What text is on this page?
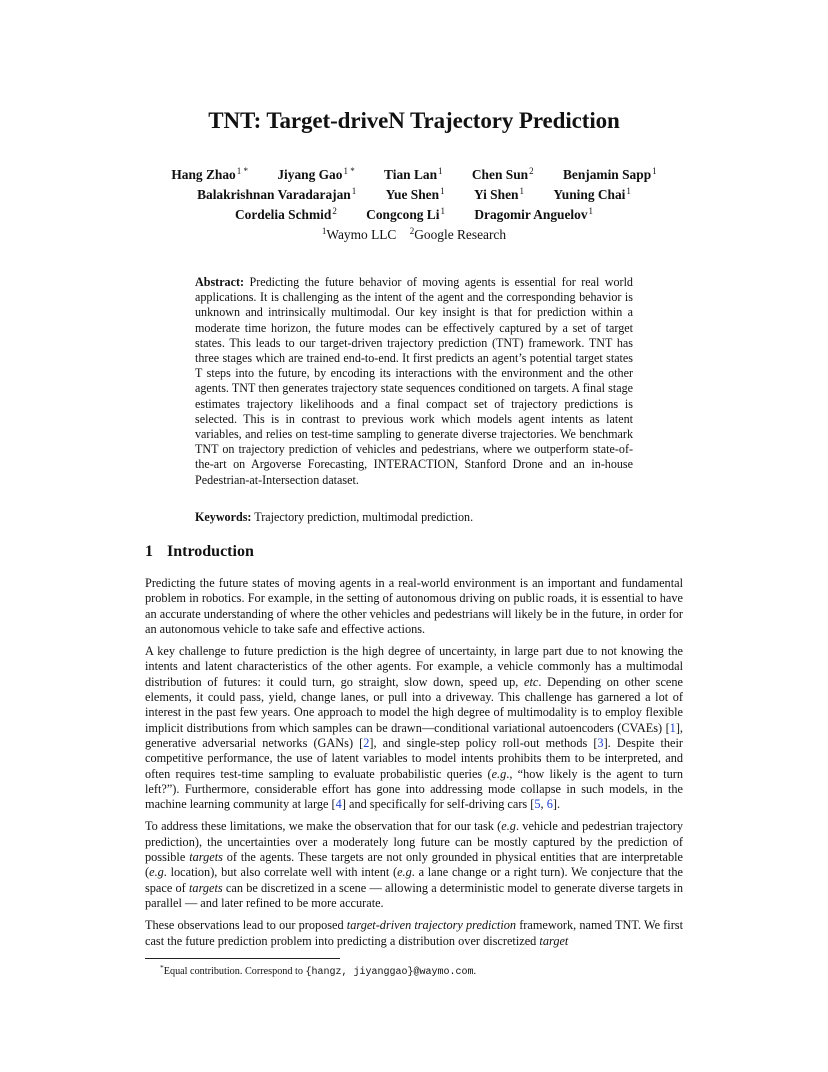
TNT: Target-driveN Trajectory Prediction
Hang Zhao$^{1 *}$ Jiyang Gao$^{1 *}$ Tian Lan$^1$ Chen Sun$^2$ Benjamin Sapp$^1$
Balakrishnan Varadarajan$^1$ Yue Shen$^1$ Yi Shen$^1$ Yuning Chai$^1$
Cordelia Schmid$^2$ Congcong Li$^1$ Dragomir Anguelov$^1$
$^1$Waymo LLC $^2$Google Research
Abstract: Predicting the future behavior of moving agents is essential for real world applications. It is challenging as the intent of the agent and the corresponding behavior is unknown and intrinsically multimodal. Our key insight is that for prediction within a moderate time horizon, the future modes can be effectively captured by a set of target states. This leads to our target-driven trajectory prediction (TNT) framework. TNT has three stages which are trained end-to-end. It first predicts an agent’s potential target states T steps into the future, by encoding its interactions with the environment and the other agents. TNT then generates trajectory state sequences conditioned on targets. A final stage estimates trajectory likelihoods and a final compact set of trajectory predictions is selected. This is in contrast to previous work which models agent intents as latent variables, and relies on test-time sampling to generate diverse trajectories. We benchmark TNT on trajectory prediction of vehicles and pedestrians, where we outperform state-of-the-art on Argoverse Forecasting, INTERACTION, Stanford Drone and an in-house Pedestrian-at-Intersection dataset.
Keywords: Trajectory prediction, multimodal prediction.
1 Introduction

Predicting the future states of moving agents in a real-world environment is an important and fundamental problem in robotics. For example, in the setting of autonomous driving on public roads, it is essential to have an accurate understanding of where the other vehicles and pedestrians will likely be in the future, in order for an autonomous vehicle to take safe and effective actions.

A key challenge to future prediction is the high degree of uncertainty, in large part due to not knowing the intents and latent characteristics of the other agents. For example, a vehicle commonly has a multimodal distribution of futures: it could turn, go straight, slow down, speed up, etc. Depending on other scene elements, it could pass, yield, change lanes, or pull into a driveway. This challenge has garnered a lot of interest in the past few years. One approach to model the high degree of multimodality is to employ flexible implicit distributions from which samples can be drawn—conditional variational autoencoders (CVAEs) [1], generative adversarial networks (GANs) [2], and single-step policy roll-out methods [3]. Despite their competitive performance, the use of latent variables to model intents prohibits them to be interpreted, and often requires test-time sampling to evaluate probabilistic queries (e.g., “how likely is the agent to turn left?”). Furthermore, considerable effort has gone into addressing mode collapse in such models, in the machine learning community at large [4] and specifically for self-driving cars [5, 6].

To address these limitations, we make the observation that for our task (e.g. vehicle and pedestrian trajectory prediction), the uncertainties over a moderately long future can be mostly captured by the prediction of possible targets of the agents. These targets are not only grounded in physical entities that are interpretable (e.g. location), but also correlate well with intent (e.g. a lane change or a right turn). We conjecture that the space of targets can be discretized in a scene — allowing a deterministic model to generate diverse targets in parallel — and later refined to be more accurate.

These observations lead to our proposed target-driven trajectory prediction framework, named TNT. We first cast the future prediction problem into predicting a distribution over discretized target

*Equal contribution. Correspond to {hangz, jiyanggao}@waymo.com.
